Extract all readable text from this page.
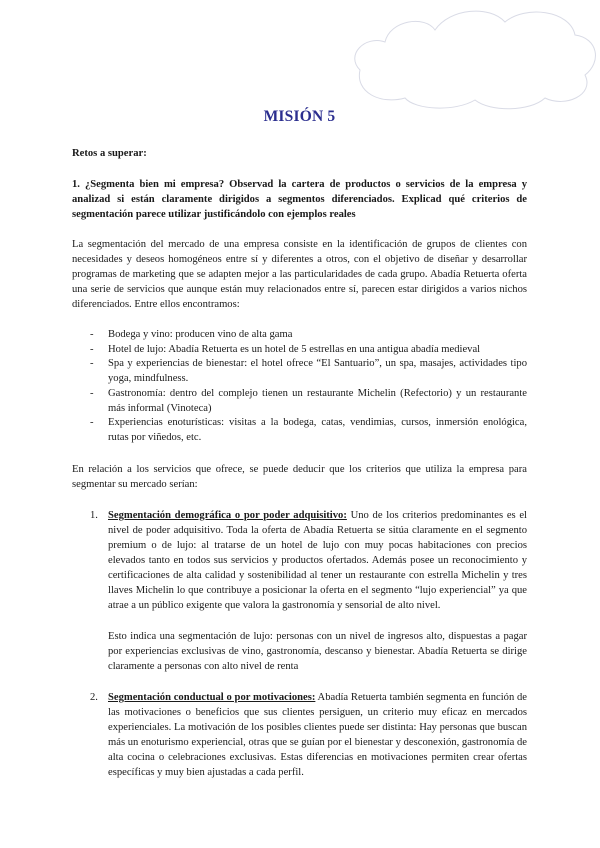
MISIÓN 5
Retos a superar:
1. ¿Segmenta bien mi empresa? Observad la cartera de productos o servicios de la empresa y analizad si están claramente dirigidos a segmentos diferenciados. Explicad qué criterios de segmentación parece utilizar justificándolo con ejemplos reales

La segmentación del mercado de una empresa consiste en la identificación de grupos de clientes con necesidades y deseos homogéneos entre sí y diferentes a otros, con el objetivo de diseñar y desarrollar programas de marketing que se adapten mejor a las particularidades de cada grupo. Abadía Retuerta oferta una serie de servicios que aunque están muy relacionados entre sí, parecen estar dirigidos a varios nichos diferenciados. Entre ellos encontramos:

- Bodega y vino: producen vino de alta gama
- Hotel de lujo: Abadía Retuerta es un hotel de 5 estrellas en una antigua abadía medieval
- Spa y experiencias de bienestar: el hotel ofrece “El Santuario”, un spa, masajes, actividades tipo yoga, mindfulness.
- Gastronomía: dentro del complejo tienen un restaurante Michelin (Refectorio) y un restaurante más informal (Vinoteca)
- Experiencias enoturísticas: visitas a la bodega, catas, vendimias, cursos, inmersión enológica, rutas por viñedos, etc.

En relación a los servicios que ofrece, se puede deducir que los criterios que utiliza la empresa para segmentar su mercado serían:

1. Segmentación demográfica o por poder adquisitivo: Uno de los criterios predominantes es el nivel de poder adquisitivo. Toda la oferta de Abadía Retuerta se sitúa claramente en el segmento premium o de lujo: al tratarse de un hotel de lujo con muy pocas habitaciones con precios elevados tanto en todos sus servicios y productos ofertados. Además posee un reconocimiento y certificaciones de alta calidad y sostenibilidad al tener un restaurante con estrella Michelin y tres llaves Michelin lo que contribuye a posicionar la oferta en el segmento “lujo experiencial” ya que atrae a un público exigente que valora la gastronomía y sensorial de alto nivel.

Esto indica una segmentación de lujo: personas con un nivel de ingresos alto, dispuestas a pagar por experiencias exclusivas de vino, gastronomía, descanso y bienestar. Abadía Retuerta se dirige claramente a personas con alto nivel de renta

2. Segmentación conductual o por motivaciones: Abadía Retuerta también segmenta en función de las motivaciones o beneficios que sus clientes persiguen, un criterio muy eficaz en mercados experienciales. La motivación de los posibles clientes puede ser distinta: Hay personas que buscan más un enoturismo experiencial, otras que se guían por el bienestar y desconexión, gastronomía de alta cocina o celebraciones exclusivas. Estas diferencias en motivaciones permiten crear ofertas específicas y muy bien ajustadas a cada perfil.
